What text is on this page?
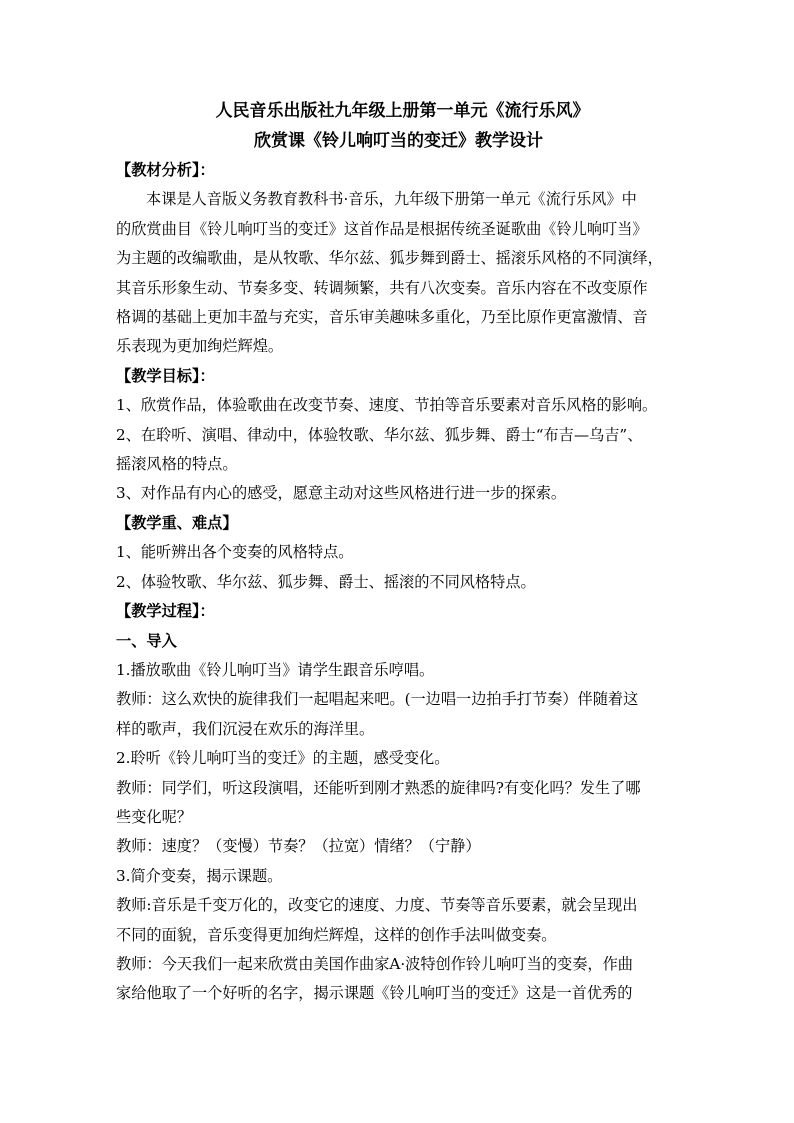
人民音乐出版社九年级上册第一单元《流行乐风》

欣赏课《铃儿响叮当的变迁》教学设计

【教材分析】：

本课是人音版义务教育教科书·音乐，九年级下册第一单元《流行乐风》中

的欣赏曲目《铃儿响叮当的变迁》这首作品是根据传统圣诞歌曲《铃儿响叮当》

为主题的改编歌曲，是从牧歌、华尔兹、狐步舞到爵士、摇滚乐风格的不同演绎，

其音乐形象生动、节奏多变、转调频繁，共有八次变奏。音乐内容在不改变原作

格调的基础上更加丰盈与充实，音乐审美趣味多重化，乃至比原作更富激情、音

乐表现为更加绚烂辉煌。

【教学目标】：

1、欣赏作品，体验歌曲在改变节奏、速度、节拍等音乐要素对音乐风格的影响。

2、在聆听、演唱、律动中，体验牧歌、华尔兹、狐步舞、爵士“布吉—乌吉”、

摇滚风格的特点。

3、对作品有内心的感受，愿意主动对这些风格进行进一步的探索。

【教学重、难点】

1、能听辨出各个变奏的风格特点。

2、体验牧歌、华尔兹、狐步舞、爵士、摇滚的不同风格特点。

【教学过程】：

一、导入

1.播放歌曲《铃儿响叮当》请学生跟音乐哼唱。

教师：这么欢快的旋律我们一起唱起来吧。(一边唱一边拍手打节奏）伴随着这

样的歌声，我们沉浸在欢乐的海洋里。

2.聆听《铃儿响叮当的变迁》的主题，感受变化。

教师：同学们，听这段演唱，还能听到刚才熟悉的旋律吗?有变化吗？发生了哪

些变化呢？

教师：速度？（变慢）节奏？（拉宽）情绪？（宁静）

3.简介变奏，揭示课题。

教师:音乐是千变万化的，改变它的速度、力度、节奏等音乐要素，就会呈现出

不同的面貌，音乐变得更加绚烂辉煌，这样的创作手法叫做变奏。

教师：今天我们一起来欣赏由美国作曲家A·波特创作铃儿响叮当的变奏，作曲

家给他取了一个好听的名字，揭示课题《铃儿响叮当的变迁》这是一首优秀的
